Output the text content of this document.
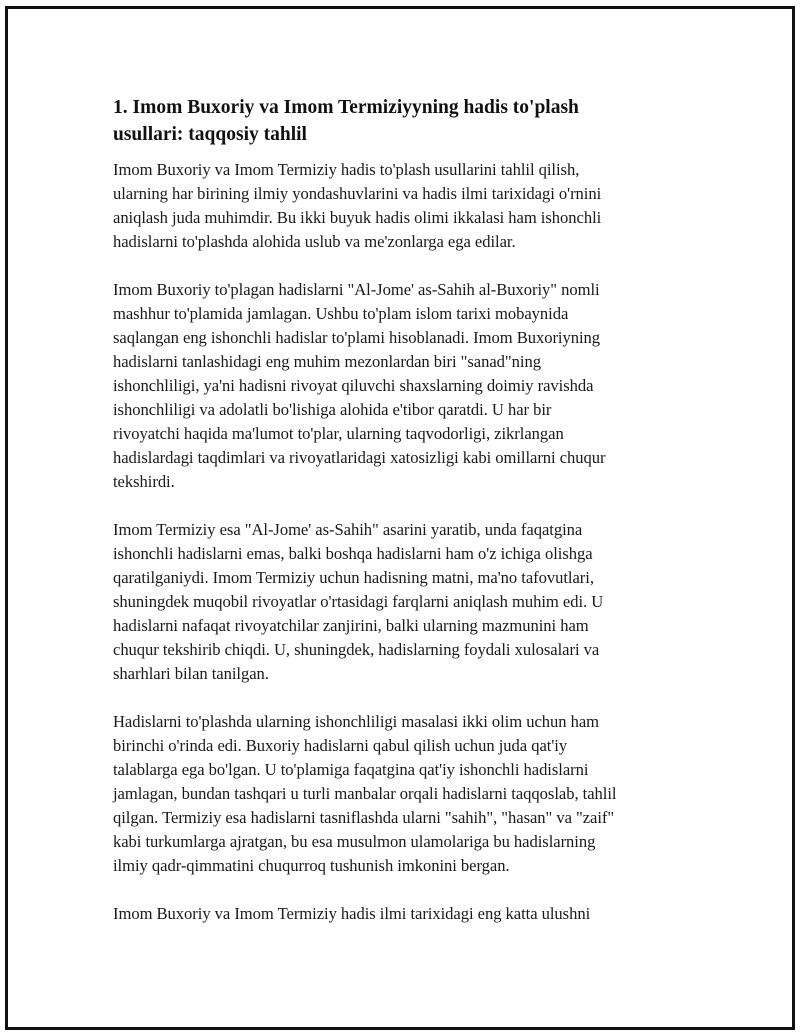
1. Imom Buxoriy va Imom Termiziyyning hadis to'plash
usullari: taqqosiy tahlil

Imom Buxoriy va Imom Termiziy hadis to'plash usullarini tahlil qilish,
ularning har birining ilmiy yondashuvlarini va hadis ilmi tarixidagi o'rnini
aniqlash juda muhimdir. Bu ikki buyuk hadis olimi ikkalasi ham ishonchli
hadislarni to'plashda alohida uslub va me'zonlarga ega edilar.

Imom Buxoriy to'plagan hadislarni "Al-Jome' as-Sahih al-Buxoriy" nomli
mashhur to'plamida jamlagan. Ushbu to'plam islom tarixi mobaynida
saqlangan eng ishonchli hadislar to'plami hisoblanadi. Imom Buxoriyning
hadislarni tanlashidagi eng muhim mezonlardan biri "sanad"ning
ishonchliligi, ya'ni hadisni rivoyat qiluvchi shaxslarning doimiy ravishda
ishonchliligi va adolatli bo'lishiga alohida e'tibor qaratdi. U har bir
rivoyatchi haqida ma'lumot to'plar, ularning taqvodorligi, zikrlangan
hadislardagi taqdimlari va rivoyatlaridagi xatosizligi kabi omillarni chuqur
tekshirdi.

Imom Termiziy esa "Al-Jome' as-Sahih" asarini yaratib, unda faqatgina
ishonchli hadislarni emas, balki boshqa hadislarni ham o'z ichiga olishga
qaratilganiydi. Imom Termiziy uchun hadisning matni, ma'no tafovutlari,
shuningdek muqobil rivoyatlar o'rtasidagi farqlarni aniqlash muhim edi. U
hadislarni nafaqat rivoyatchilar zanjirini, balki ularning mazmunini ham
chuqur tekshirib chiqdi. U, shuningdek, hadislarning foydali xulosalari va
sharhlari bilan tanilgan.

Hadislarni to'plashda ularning ishonchliligi masalasi ikki olim uchun ham
birinchi o'rinda edi. Buxoriy hadislarni qabul qilish uchun juda qat'iy
talablarga ega bo'lgan. U to'plamiga faqatgina qat'iy ishonchli hadislarni
jamlagan, bundan tashqari u turli manbalar orqali hadislarni taqqoslab, tahlil
qilgan. Termiziy esa hadislarni tasniflashda ularni "sahih", "hasan" va "zaif"
kabi turkumlarga ajratgan, bu esa musulmon ulamolariga bu hadislarning
ilmiy qadr-qimmatini chuqurroq tushunish imkonini bergan.

Imom Buxoriy va Imom Termiziy hadis ilmi tarixidagi eng katta ulushni
